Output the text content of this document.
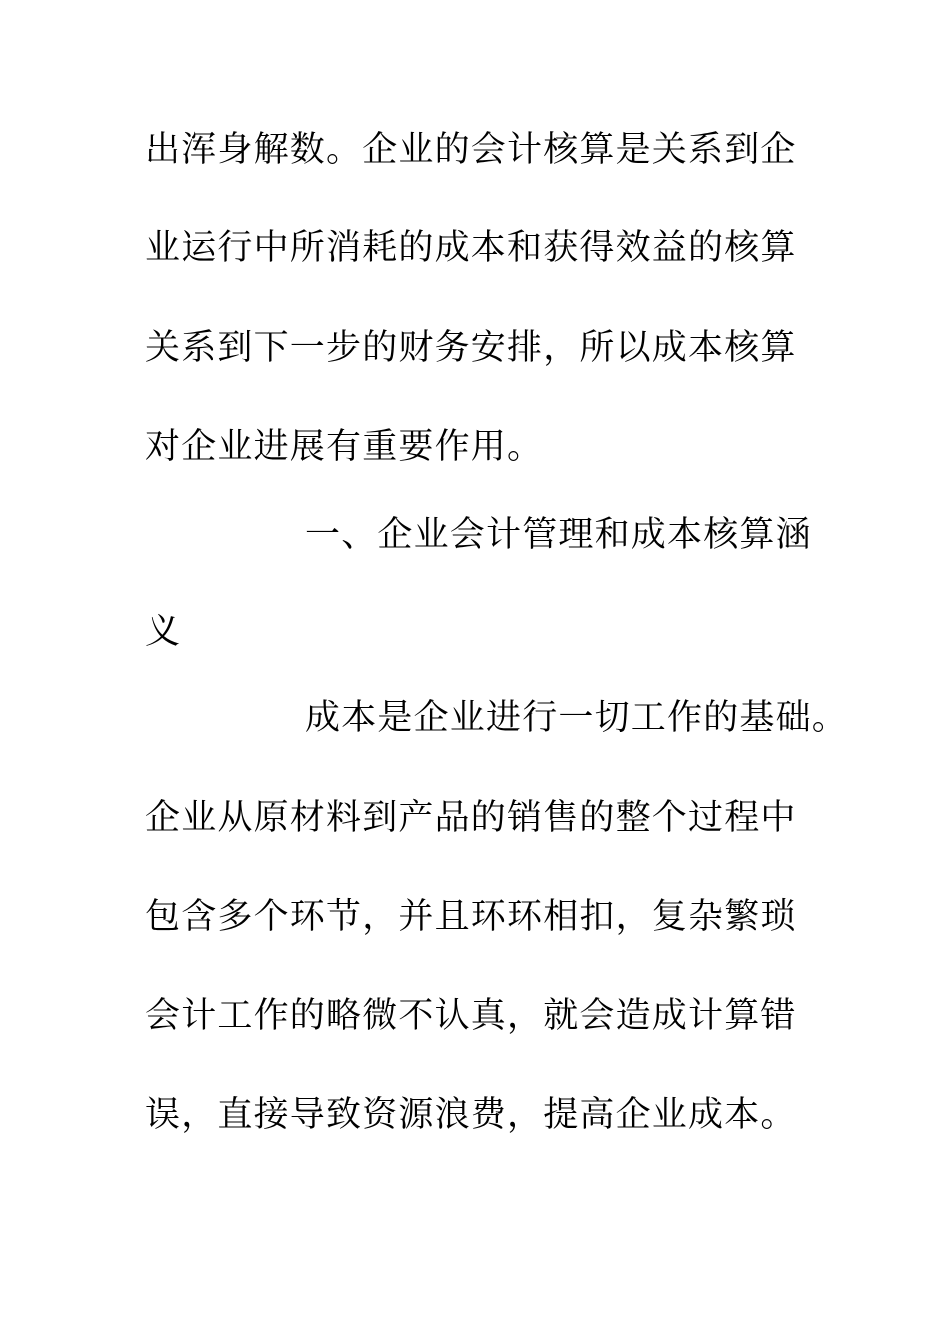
出浑身解数。企业的会计核算是关系到企
业运行中所消耗的成本和获得效益的核算
关系到下一步的财务安排，所以成本核算
对企业进展有重要作用。
一、企业会计管理和成本核算涵
义
成本是企业进行一切工作的基础。
企业从原材料到产品的销售的整个过程中
包含多个环节，并且环环相扣，复杂繁琐
会计工作的略微不认真，就会造成计算错
误，直接导致资源浪费，提高企业成本。
